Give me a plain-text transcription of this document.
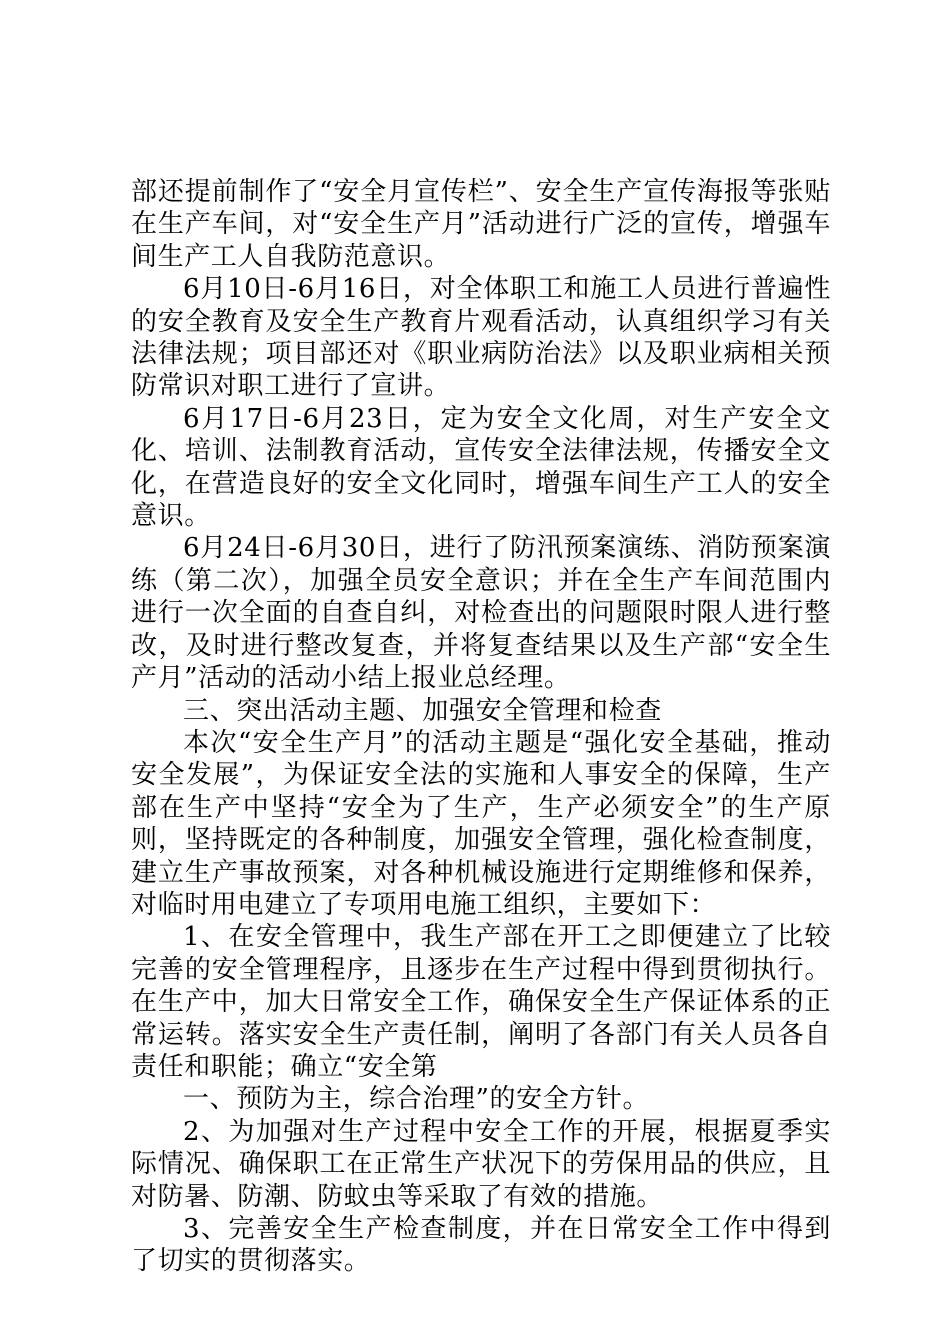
部还提前制作了“安全月宣传栏”、安全生产宣传海报等张贴在生产车间，对“安全生产月”活动进行广泛的宣传，增强车间生产工人自我防范意识。

6月10日-6月16日，对全体职工和施工人员进行普遍性的安全教育及安全生产教育片观看活动，认真组织学习有关法律法规；项目部还对《职业病防治法》以及职业病相关预防常识对职工进行了宣讲。

6月17日-6月23日，定为安全文化周，对生产安全文化、培训、法制教育活动，宣传安全法律法规，传播安全文化，在营造良好的安全文化同时，增强车间生产工人的安全意识。

6月24日-6月30日，进行了防汛预案演练、消防预案演练（第二次），加强全员安全意识；并在全生产车间范围内进行一次全面的自查自纠，对检查出的问题限时限人进行整改，及时进行整改复查，并将复查结果以及生产部“安全生产月”活动的活动小结上报业总经理。

三、突出活动主题、加强安全管理和检查

本次“安全生产月”的活动主题是“强化安全基础，推动安全发展”，为保证安全法的实施和人事安全的保障，生产部在生产中坚持“安全为了生产，生产必须安全”的生产原则，坚持既定的各种制度，加强安全管理，强化检查制度，建立生产事故预案，对各种机械设施进行定期维修和保养，对临时用电建立了专项用电施工组织，主要如下：

1、在安全管理中，我生产部在开工之即便建立了比较完善的安全管理程序，且逐步在生产过程中得到贯彻执行。在生产中，加大日常安全工作，确保安全生产保证体系的正常运转。落实安全生产责任制，阐明了各部门有关人员各自责任和职能；确立“安全第

一、预防为主，综合治理”的安全方针。

2、为加强对生产过程中安全工作的开展，根据夏季实际情况、确保职工在正常生产状况下的劳保用品的供应，且对防暑、防潮、防蚊虫等采取了有效的措施。

3、完善安全生产检查制度，并在日常安全工作中得到了切实的贯彻落实。
